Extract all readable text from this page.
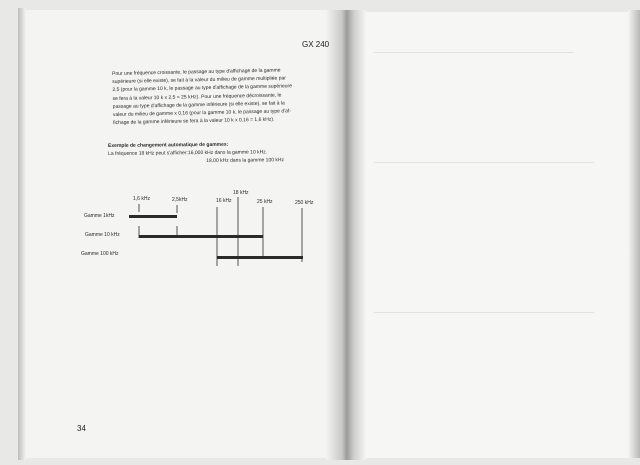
GX 240

Pour une fréquence croissante, le passage au type d'affichage de la gamme

supérieure (si elle existe), se fait à la valeur du milieu de gamme multipliée par

2,5 (pour la gamme 10 k, le passage au type d'affichage de la gamme supérieure

se fera à la valeur 10 k x 2,5 = 25 kHz). Pour une fréquence décroissante, le

passage au type d'affichage de la gamme inférieure (si elle existe), se fait à la

valeur du milieu de gamme x 0,16 (pour la gamme 10 k, le passage au type d'af-

fichage de la gamme inférieure se fera à la valeur 10 k x 0,16 = 1,6 kHz).

Exemple de changement automatique de gammes:
La fréquence 18 kHz peut s'afficher:16,000 kHz dans la gamme 10 kHz.
18,00 kHz dans la gamme 100 kHz
18 kHz
1,6 kHz	2,5kHz	16 kHz	25 kHz	250 kHz
Gamme 1kHz
Gamme 10 kHz
Gamme 100 kHz
34
